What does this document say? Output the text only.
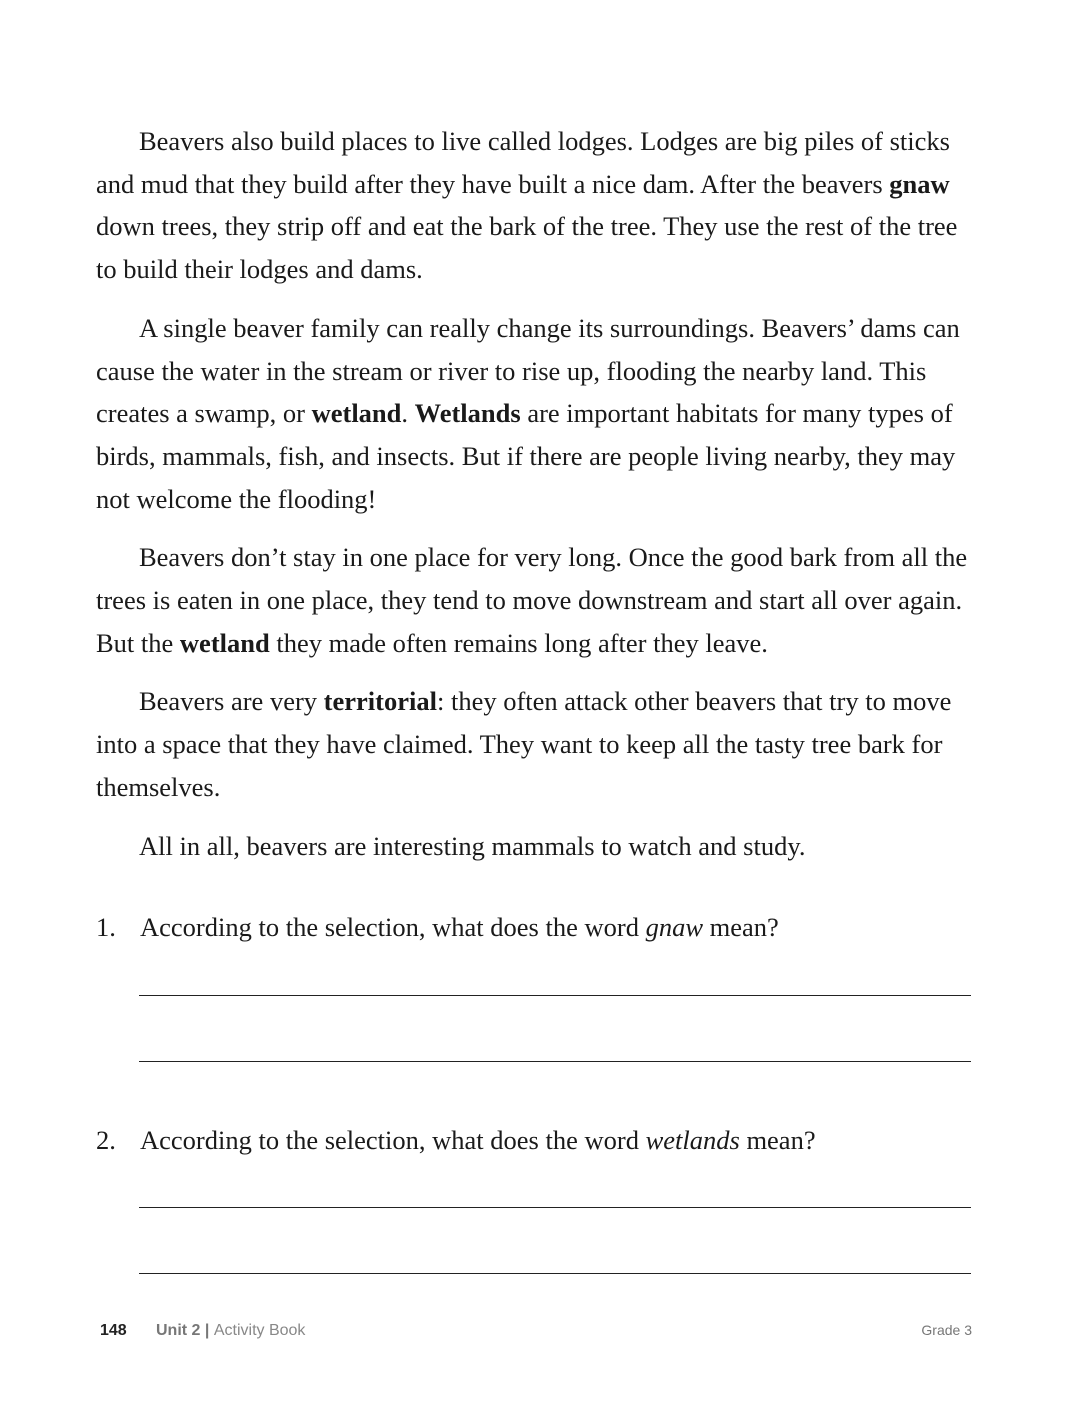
Beavers also build places to live called lodges. Lodges are big piles of sticks and mud that they build after they have built a nice dam. After the beavers gnaw down trees, they strip off and eat the bark of the tree. They use the rest of the tree to build their lodges and dams.

A single beaver family can really change its surroundings. Beavers’ dams can cause the water in the stream or river to rise up, flooding the nearby land. This creates a swamp, or wetland. Wetlands are important habitats for many types of birds, mammals, fish, and insects. But if there are people living nearby, they may not welcome the flooding!

Beavers don’t stay in one place for very long. Once the good bark from all the trees is eaten in one place, they tend to move downstream and start all over again. But the wetland they made often remains long after they leave.

Beavers are very territorial: they often attack other beavers that try to move into a space that they have claimed. They want to keep all the tasty tree bark for themselves.

All in all, beavers are interesting mammals to watch and study.

1. According to the selection, what does the word gnaw mean?
2. According to the selection, what does the word wetlands mean?
148 Unit 2 | Activity Book	Grade 3
